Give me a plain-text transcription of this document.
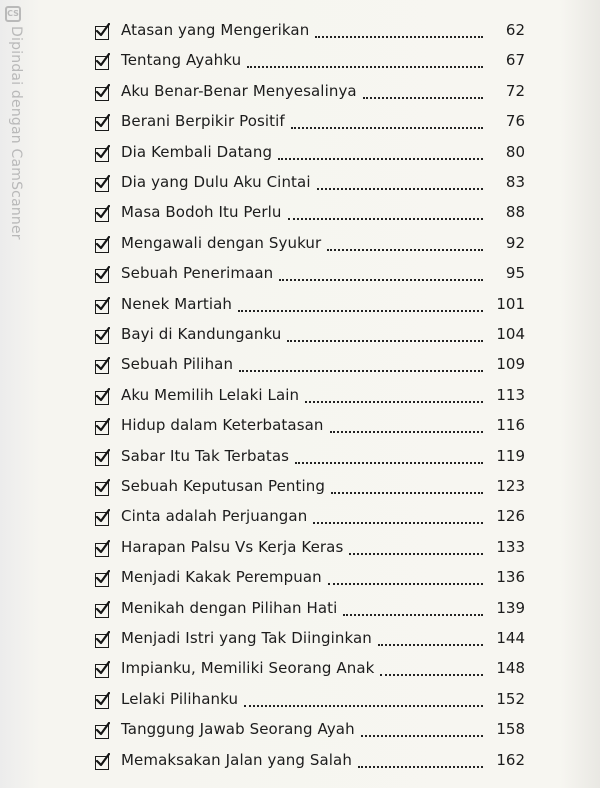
CS
Dipindai dengan CamScanner	Atasan yang Mengerikan	62
Tentang Ayahku	67
Aku Benar-Benar Menyesalinya	72
Berani Berpikir Positif	76
Dia Kembali Datang	80
Dia yang Dulu Aku Cintai	83
Masa Bodoh Itu Perlu	88
Mengawali dengan Syukur	92
Sebuah Penerimaan	95
Nenek Martiah	101
Bayi di Kandunganku	104
Sebuah Pilihan	109
Aku Memilih Lelaki Lain	113
Hidup dalam Keterbatasan	116
Sabar Itu Tak Terbatas	119
Sebuah Keputusan Penting	123
Cinta adalah Perjuangan	126
Harapan Palsu Vs Kerja Keras	133
Menjadi Kakak Perempuan	136
Menikah dengan Pilihan Hati	139
Menjadi Istri yang Tak Diinginkan	144
Impianku, Memiliki Seorang Anak	148
Lelaki Pilihanku	152
Tanggung Jawab Seorang Ayah	158
Memaksakan Jalan yang Salah	162
